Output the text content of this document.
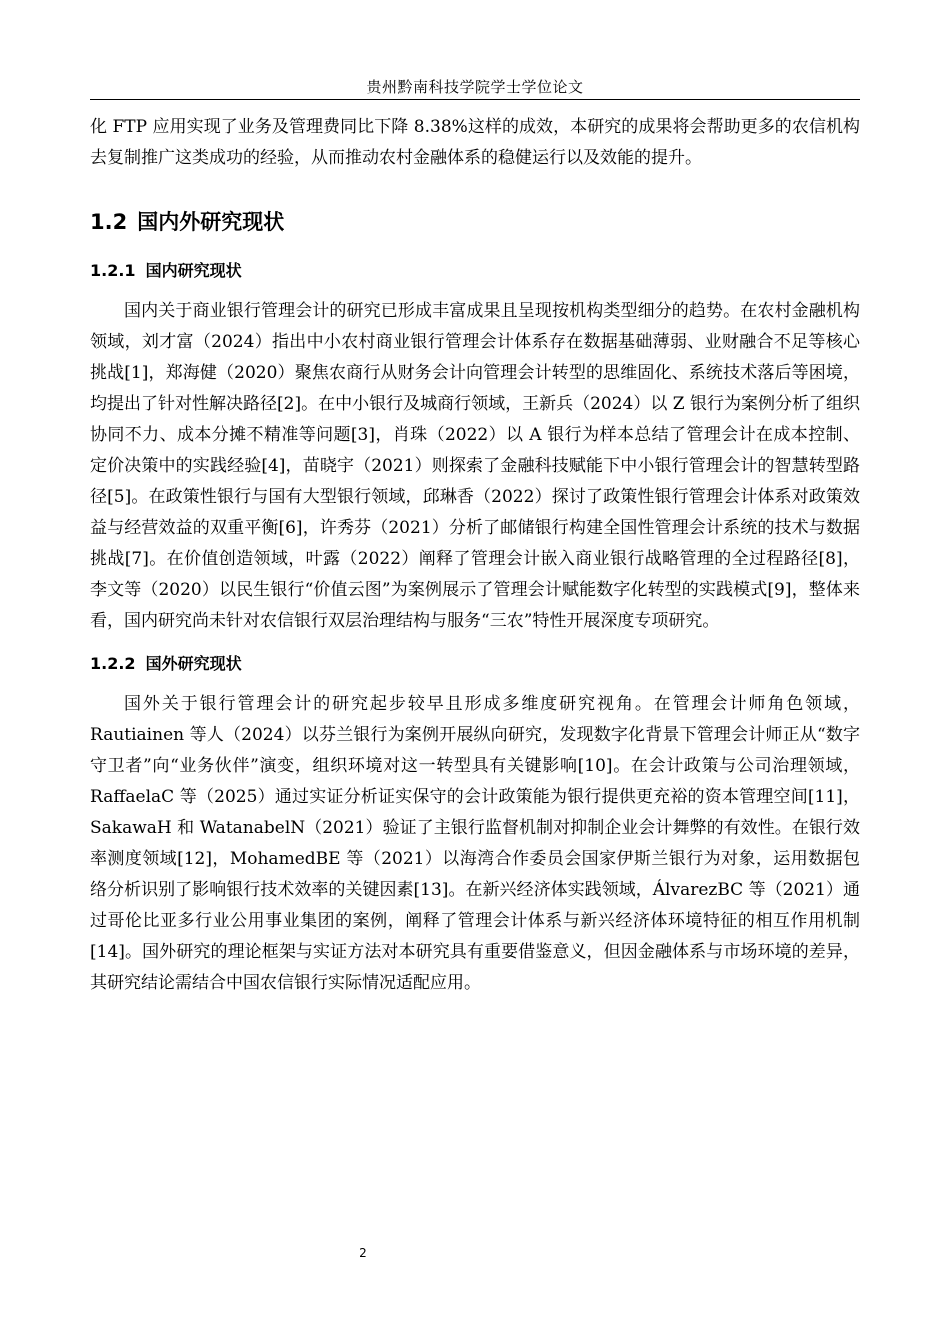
贵州黔南科技学院学士学位论文

化 FTP 应用实现了业务及管理费同比下降 8.38%这样的成效，本研究的成果将会帮助更多的农信机构去复制推广这类成功的经验，从而推动农村金融体系的稳健运行以及效能的提升。

1.2 国内外研究现状
1.2.1 国内研究现状

国内关于商业银行管理会计的研究已形成丰富成果且呈现按机构类型细分的趋势。在农村金融机构领域，刘才富（2024）指出中小农村商业银行管理会计体系存在数据基础薄弱、业财融合不足等核心挑战[1]，郑海健（2020）聚焦农商行从财务会计向管理会计转型的思维固化、系统技术落后等困境，均提出了针对性解决路径[2]。在中小银行及城商行领域，王新兵（2024）以 Z 银行为案例分析了组织协同不力、成本分摊不精准等问题[3]，肖珠（2022）以 A 银行为样本总结了管理会计在成本控制、定价决策中的实践经验[4]，苗晓宇（2021）则探索了金融科技赋能下中小银行管理会计的智慧转型路径[5]。在政策性银行与国有大型银行领域，邱琳香（2022）探讨了政策性银行管理会计体系对政策效益与经营效益的双重平衡[6]，许秀芬（2021）分析了邮储银行构建全国性管理会计系统的技术与数据挑战[7]。在价值创造领域，叶露（2022）阐释了管理会计嵌入商业银行战略管理的全过程路径[8]，李文等（2020）以民生银行“价值云图”为案例展示了管理会计赋能数字化转型的实践模式[9]，整体来看，国内研究尚未针对农信银行双层治理结构与服务“三农”特性开展深度专项研究。

1.2.2 国外研究现状

国外关于银行管理会计的研究起步较早且形成多维度研究视角。在管理会计师角色领域，Rautiainen 等人（2024）以芬兰银行为案例开展纵向研究，发现数字化背景下管理会计师正从“数字守卫者”向“业务伙伴”演变，组织环境对这一转型具有关键影响[10]。在会计政策与公司治理领域，RaffaelaC 等（2025）通过实证分析证实保守的会计政策能为银行提供更充裕的资本管理空间[11]，SakawaH 和 WatanabelN（2021）验证了主银行监督机制对抑制企业会计舞弊的有效性。在银行效率测度领域[12]，MohamedBE 等（2021）以海湾合作委员会国家伊斯兰银行为对象，运用数据包络分析识别了影响银行技术效率的关键因素[13]。在新兴经济体实践领域，ÁlvarezBC 等（2021）通过哥伦比亚多行业公用事业集团的案例，阐释了管理会计体系与新兴经济体环境特征的相互作用机制[14]。国外研究的理论框架与实证方法对本研究具有重要借鉴意义，但因金融体系与市场环境的差异，其研究结论需结合中国农信银行实际情况适配应用。

2
